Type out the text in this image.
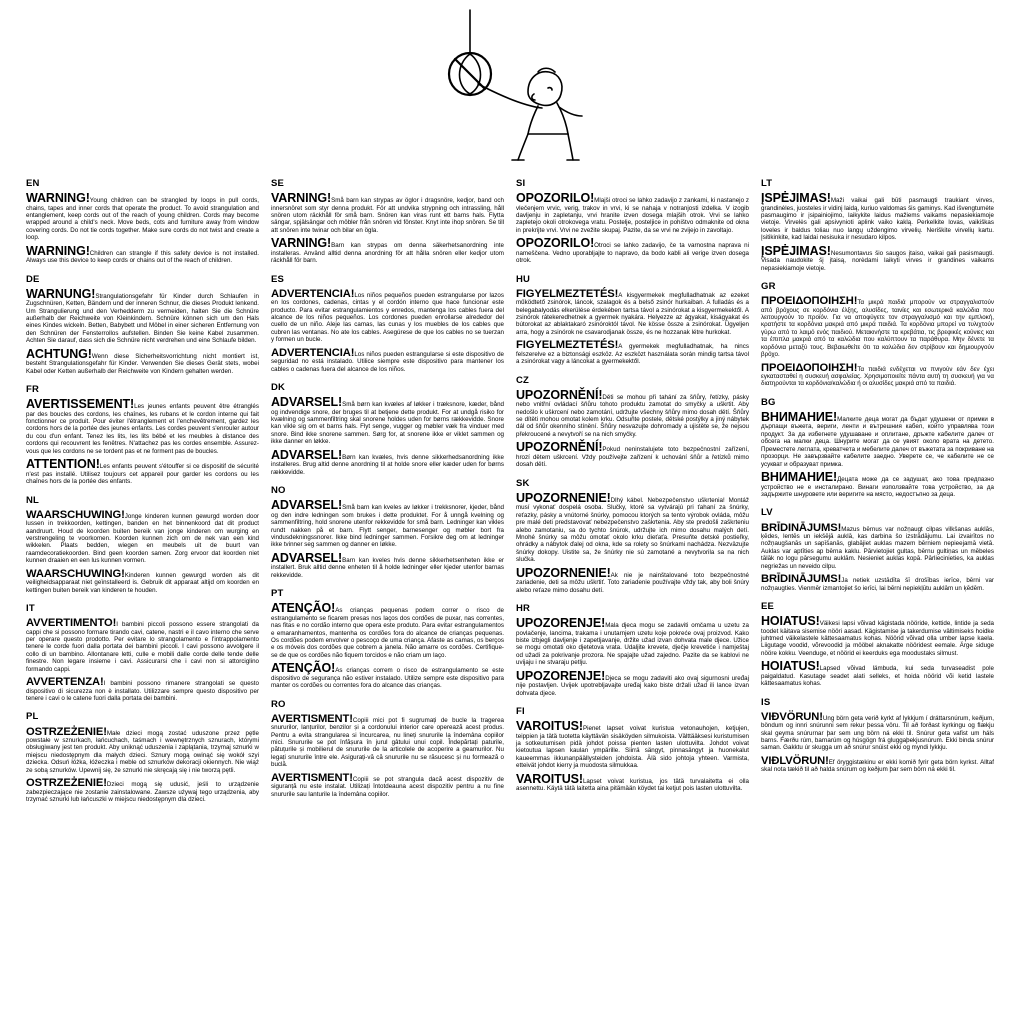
EN

WARNING!Young children can be strangled by loops in pull cords, chains, tapes and inner cords that operate the product. To avoid strangulation and entanglement, keep cords out of the reach of young children. Cords may become wrapped around a child's neck. Move beds, cots and furniture away from window covering cords. Do not tie cords together. Make sure cords do not twist and create a loop.

WARNING!Children can strangle if this safety device is not installed. Always use this device to keep cords or chains out of the reach of children.

DE

WARNUNG!Strangulationsgefahr für Kinder durch Schlaufen in Zugschnüren, Ketten, Bändern und der inneren Schnur, die dieses Produkt lenkend. Um Strangulierung und den Verhedderm zu vermeiden, halten Sie die Schnüre außerhalb der Reichweite von Kleinkindern. Schnüre können sich um den Hals eines Kindes wickeln. Betten, Babybett und Möbel in einer sicheren Entfernung von den Schnüren der Fensterrollos aufstellen. Binden Sie keine Kabel zusammen. Achten Sie darauf, dass sich die Schnüre nicht verdrehen und eine Schlaufe bilden.

ACHTUNG!Wenn diese Sicherheitsvorrichtung nicht montiert ist, besteht Strangulationsgefahr für Kinder. Verwenden Sie dieses Gerät stets, wobei Kabel oder Ketten außerhalb der Reichweite von Kindern gehalten werden.

FR

AVERTISSEMENT!Les jeunes enfants peuvent être étranglés par des boucles des cordons, les chaînes, les rubans et le cordon interne qui fait fonctionner ce produit. Pour éviter l'étranglement et l'enchevêtrement, gardez les cordons hors de la portée des jeunes enfants. Les cordes peuvent s'enrouler autour du cou d'un enfant. Tenez les lits, les lits bébé et les meubles à distance des cordons qui recouvrent les fenêtres. N'attachez pas les cordes ensemble. Assurez-vous que les cordons ne se tordent pas et ne forment pas de boucles.

ATTENTION!Les enfants peuvent s'étouffer si ce dispositif de sécurité n'est pas installé. Utilisez toujours cet appareil pour garder les cordons ou les chaînes hors de la portée des enfants.

NL

WAARSCHUWING!Jonge kinderen kunnen gewurgd worden door lussen in trekkoorden, kettingen, banden en het binnenkoord dat dit product aandruurt. Houd de koorden buiten bereik van jonge kinderen om wurging en verstrengeling te voorkomen. Koorden kunnen zich om de nek van een kind wikkelen. Plaats bedden, wiegen en meubels uit de buurt van raamdecoratiekoorden. Bind geen koorden samen. Zorg ervoor dat koorden niet kunnen draaien en een lus kunnen vormen.

WAARSCHUWING!Kinderen kunnen gewurgd worden als dit veiligheidsapparaat niet geïnstalleerd is. Gebruik dit apparaat altijd om koorden en kettingen buiten bereik van kinderen te houden.

IT

AVVERTIMENTO!I bambini piccoli possono essere strangolati da cappi che si possono formare tirando cavi, catene, nastri e il cavo interno che serve per operare questo prodotto. Per evitare lo strangolamento e l'intrappolamento tenere le corde fuori dalla portata dei bambini piccoli. I cavi possono avvolgere il collo di un bambino. Allontanare letti, culle e mobili dalle corde delle tende delle finestre. Non legare insieme i cavi. Assicurarsi che i cavi non si attorciglino formando cappi.

AVVERTENZA!I bambini possono rimanere strangolati se questo dispositivo di sicurezza non è installato. Utilizzare sempre questo dispositivo per tenere i cavi o le catene fuori dalla portata dei bambini.

PL

OSTRZEŻENIE!Małe dzieci mogą zostać uduszone przez pętle powstałe w sznurkach, łańcuchach, taśmach i wewnętrznych sznurach, którymi obsługiwany jest ten produkt. Aby uniknąć uduszenia i zaplątania, trzymaj sznurki w miejscu niedostępnym dla małych dzieci. Sznury mogą owinąć się wokół szyi dziecka. Odsuń łóżka, łóżeczka i meble od sznurków dekoracji okiennych. Nie wiąż ze sobą sznurków. Upewnij się, że sznurki nie skręcają się i nie tworzą pętli.

OSTRZEŻENIE!Dzieci mogą się udusić, jeśli to urządzenie zabezpieczające nie zostanie zainstalowane. Zawsze używaj tego urządzenia, aby trzymać sznurki lub łańcuszki w miejscu niedostępnym dla dzieci.

SE

VARNING!Små barn kan strypas av öglor i dragsnöre, kedjor, band och innersnöret som styr denna produkt. För att undvika strypning och intrassling, håll snören utom räckhåll för små barn. Snören kan viras runt ett barns hals. Flytta sängar, spjälsängar och möbler från snören vid fönster. Knyt inte ihop snören. Se till att snören inte twinar och bilar en ögla.

VARNING!Barn kan strypas om denna säkerhetsanordning inte installeras. Använd alltid denna anordning för att hålla snören eller kedjor utom räckhåll för barn.

ES

ADVERTENCIA!Los niños pequeños pueden estrangularse por lazos en los cordones, cadenas, cintas y el cordón interno que hace funcionar este producto. Para evitar estrangulamientos y enredos, mantenga los cables fuera del alcance de los niños pequeños. Los cordones pueden enrollarse alrededor del cuello de un niño. Aleje las camas, las cunas y los muebles de los cables que cubren las ventanas. No ate los cables. Asegúrese de que los cables no se tuerzan y formen un bucle.

ADVERTENCIA!Los niños pueden estrangularse si este dispositivo de seguridad no está instalado. Utilice siempre este dispositivo para mantener los cables o cadenas fuera del alcance de los niños.

DK

ADVARSEL!Små børn kan kvæles af løkker i træksnore, kæder, bånd og indvendige snore, der bruges til at betjene dette produkt. For at undgå risiko for kvælning og sammenfiltring skal snorene holdes uden for børns rækkevidde. Snore kan vikle sig om et barns hals. Flyt senge, vugger og møbler væk fra vinduer med snore. Bind ikke snorene sammen. Sørg for, at snorene ikke er viklet sammen og ikke danner en løkke.

ADVARSEL!Børn kan kvæles, hvis denne sikkerhedsanordning ikke installeres. Brug altid denne anordning til at holde snore eller kæder uden for børns rækkevidde.

NO

ADVARSEL!Små barn kan kveles av løkker i trekksnorer, kjeder, bånd og den indre ledningen som brukes i dette produktet. For å unngå kvelning og sammenfiltring, hold snorene utenfor rekkevidde for små barn. Ledninger kan vikles rundt nakken på et barn. Flytt senger, barnesenger og møbler bort fra vindusdekningssnorer. Ikke bind ledninger sammen. Forsikre deg om at ledninger ikke tvinner seg sammen og danner en løkke.

ADVARSEL!Barn kan kveles hvis denne sikkerhetsenheten ikke er installert. Bruk alltid denne enheten til å holde ledninger eller kjeder utenfor barnas rekkevidde.

PT

ATENÇÃO!As crianças pequenas podem correr o risco de estrangulamento se ficarem presas nos laços dos cordões de puxar, nas correntes, nas fitas e no cordão interno que opera este produto. Para evitar estrangulamentos e emaranhamentos, mantenha os cordões fora do alcance de crianças pequenas. Os cordões podem envolver o pescoço de uma criança. Afaste as camas, os berços e os móveis dos cordões que cobrem a janela. Não amarre os cordões. Certifique-se de que os cordões não fiquem torcidos e não criam um laço.

ATENÇÃO!As crianças correm o risco de estrangulamento se este dispositivo de segurança não estiver instalado. Utilize sempre este dispositivo para manter os cordões ou correntes fora do alcance das crianças.

RO

AVERTISMENT!Copiii mici pot fi sugrumați de bucle la tragerea snururilor, lanțurilor, benzilor și a cordonului interior care operează acest produs. Pentru a evita strangularea si încurcarea, nu lineți snururile la îndemâna copiilor mici. Snururile se pot înfășura în jurul gâtului unui copil. Îndepărtați paturile, pătuțurile și mobilierul de snururile de la articolele de acoperire a geamurilor. Nu legați snururile între ele. Asigurați-vă că snururile nu se răsucesc și nu formează o buclă.

AVERTISMENT!Copiii se pot strangula dacă acest dispozitiv de siguranță nu este instalat. Utilizați întotdeauna acest dispozitiv pentru a nu fine snururile sau lanturile la îndemâna copiilor.

SI

OPOZORILO!Mlajši otroci se lahko zadavijo z zankami, ki nastanejo z vlečenjem vrvic, verig, trakov in vrvi, ki se nahaja v notranjosti izdelka. V izogib davljenju in zapletanju, vrvi hranite izven dosega mlajših otrok. Vrvi se lahko zapletejo okoli otrokovega vratu. Postelje, posteljice in pohištvo odmaknite od okna in prekrijte vrvi. Vrvi ne zvežite skupaj. Pazite, da se vrvi ne zvijejo in zavoltajo.

OPOZORILO!Otroci se lahko zadavijo, če ta varnostna naprava ni nameščena. Vedno uporabljajte to napravo, da bodo kabli ali verige izven dosega otrok.

HU

FIGYELMEZTETÉS!A kisgyermekek megfulladhatnak az ezeket működtető zsinórok, láncok, szalagok és a belső zsinór hurkaiban. A fulladás és a belegabalyodás elkerülése érdekében tartsa távol a zsinórokat a kisgyermekektől. A zsinórok rátekeredhetnek a gyermek nyakára. Helyezze az ágyakat, kiságyakat és bútorokat az ablaktakaró zsinóroktól távol. Ne kösse össze a zsinórokat. Ügyeljen arra, hogy a zsinórok ne csavarodjanak össze, és ne hozzanak létre hurkokat.

FIGYELMEZTETÉS!A gyermekek megfulladhatnak, ha nincs felszerelve ez a biztonsági eszköz. Az eszközt használata során mindig tartsa távol a zsinórokat vagy a láncokat a gyermekektől.

CZ

UPOZORNĚNÍ!Děti se mohou při tahání za šňůry, řetízky, pásky nebo vnitřní ovládací šňůru tohoto produktu zamotat do smyčky a uškrtit. Aby nedošlo k uškrcení nebo zamotání, udržujte všechny šňůry mimo dosah dětí. Šňůry se dítěti mohou omotat kolem krku. Odsuňte postele, dětské postýlky a jiný nábytek dál od šňůr okenního stínění. Šňůry nesvazujte dohromady a ujistěte se, že nejsou překroucené a nevytvoří se na nich smyčky.

UPOZORNĚNÍ!Pokud neninstalujete toto bezpečnostní zařízení, hrozí dětem uškrcení. Vždy používejte zařízení k uchování šňůr a řetízků mimo dosah dětí.

SK

UPOZORNENIE!Dlhý kábel. Nebezpečenstvo uškrtenia! Montáž musí vykonať dospelá osoba. Slučky, ktoré sa vytvárajú pri ťahaní za šnúrky, reťazky, pásky a vnútorné šnúrky, pomocou ktorých sa tento výrobok ovláda, môžu pre malé deti predstavovať nebezpečenstvo zaškrtenia. Aby ste predošli zaškrteniu alebo zamotaniu, sa do tychto šnúrok, udržujte ich mimo dosahu malých detí. Mnohé šnúrky sa môžu omotať okolo krku dieťaťa. Presuňte detské postieľky, ohrádky a nábytok ďalej od okna, kde sa rolety so šnúrkami nachádza. Nezväzujte šnúrky dokopy. Uistite sa, že šnúrky nie sú zamotané a nevytvorila sa na nich slučka.

UPOZORNENIE!Ak nie je nainštalované toto bezpečnostné zariadenie, deti sa môžu uškrtiť. Toto zariadenie používajte vždy tak, aby boli šnúry alebo reťaze mimo dosahu detí.

HR

UPOZORENJE!Mala djeca mogu se zadaviti omčama u uzetu za povlačenje, lancima, trakama i unutarnjem uzetu koje pokreće ovaj proizvod. Kako biste izbjegli davljenje i zapetljavanje, držite užad izvan dohvata male djece. Užice se mogu omotati oko djetetova vrata. Udaljite krevete, dječje krevetiće i namještaj od užadi za pokrivanje prozora. Ne spajajte užad zajedno. Pazite da se kablovi ne uvijaju i ne stvaraju petlju.

UPOZORENJE!Djeca se mogu zadaviti ako ovaj sigurnosni uređaj nije postavljen. Uvijek upotrebljavajte uređaj kako biste držali užad ili lance izvan dohvata djece.

FI

VAROITUS!Pienet lapset voivat kuristua vetonauhojen, ketjujen, teippien ja tätä tuotetta käyttävän sisäköyden silmukoista. Välttääksesi kuristumisen ja sotkeutumisen pidä johdot poissa pienten lasten ulottuvilta. Johdot voivat kietoutua lapsen kaulan ympärille. Siirrä sängyt, pinnasängyt ja huonekalut kaueemmas ikkunanpäällysteiden johdoista. Älä sido johtoja yhteen. Varmista, etteivät johdot kierry ja muodosta silmukkaa.

VAROITUS!Lapset voivat kuristua, jos tätä turvalaitetta ei olla asennettu. Käytä tätä laitetta aina pitämään köydet tai ketjut pois lasten ulottuvilta.

LT

ĮSPĖJIMAS!Maži vaikai gali būti pasmaugti traukiant virves, grandinėles, juosteles ir vidinį laidą, kuriuo valdomas šis gaminys. Kad išvengtumėte pasmaugimo ir įsipainiojimo, laikykite laidus mažiems vaikams nepasiekiamoje vietoje. Virvelės gali apsivynioti aplink vaiko kaklą. Perkelkite lovas, vaikiškas loveles ir baldus toliau nuo langų uždengimo virvelių. Neriškite virvelių kartu. Įsitikinkite, kad laidai nesisuka ir nesudaro kilpos.

ĮSPĖJIMAS!Nesumontavus šio saugos įtaiso, vaikai gali pasismaugti. Visada naudokite šį įtaisą, norėdami laikyti virves ir grandines vaikams nepasiekiamoje vietoje.

GR

ΠΡΟΕΙΔΟΠΟΙΗΣΗ!Τα μικρά παιδιά μπορούν να στραγγαλιστούν από βρόχους σε κορδόνια έλξης, αλυσίδες, ταινίες και εσωτερικά καλώδια που λειτουργούν το προϊόν. Για να αποφύγετε τον στραγγαλισμό και την εμπλοκή, κρατήστε τα κορδόνια μακριά από μικρά παιδιά. Τα κορδόνια μπορεί να τυλιχτούν γύρω από το λαιμό ενός παιδιού. Μετακινήστε τα κρεβάτια, τις βρεφικές κούνιες και τα έπιπλα μακριά από τα καλώδια που καλύπτουν τα παράθυρα. Μην δένετε τα κορδόνια μεταξύ τους. Βεβαιωθείτε ότι τα καλώδια δεν στρίβουν και δημιουργούν βρόχο.

ΠΡΟΕΙΔΟΠΟΙΗΣΗ!Τα παιδιά ενδέχεται να πνιγούν εάν δεν έχει εγκατασταθεί η συσκευή ασφαλείας. Χρησιμοποιείτε πάντα αυτή τη συσκευή για να διατηρούνται τα κορδόνια/καλώδια ή οι αλυσίδες μακριά από τα παιδιά.

BG

ВНИМАНИЕ!Малките деца могат да бъдат удушени от примки в дърпащи въжета, вериги, ленти и вътрешния кабел, който управлява този продукт. За да избегнете удушаване и оплитане, дръжте кабелите далеч от обсега на малки деца. Шнурите могат да се увият около врата на детето. Преместете леглата, креватчета и мебелите далеч от въжетата за покриване на прозорци. Не завързвайте кабелите заедно. Уверете се, че кабелите не се усукват и образуват примка.

ВНИМАНИЕ!Децата може да се задушат, ако това предпазно устройство не е инсталирано. Винаги използвайте това устройство, за да задържите шнуровете или веригите на място, недостъпно за деца.

LV

BRĪDINĀJUMS!Mazus bērnus var nožņaugt cilpas vilkšanas auklās, ķēdes, lentēs un iekšējā auklā, kas darbina šo izstrādājumu. Lai izvairītos no nožņaugšanās un sapīšanās, glabājiet auklas mazem bērniem nepieejamā vietā. Auklas var aptīties ap bērna kaklu. Pārvietojiet gultas, bērnu gultiņas un mēbeles tālāk no logu pārsegumu auklām. Nesieniet auklas kopā. Pārliecinieties, ka auklas negriežas un neveido cilpu.

BRĪDINĀJUMS!Ja netiek uzstādīta šī drošības ierīce, bērni var nožņaugties. Vienmēr izmantojiet šo ierīci, lai bērni nepiekļūtu auklām un ķēdēm.

EE

HOIATUS!Väikesi lapsi võivad kägistada nööride, kettide, lintide ja seda toodet käitava sisemise nööri aasad. Kägistamise ja takerdumise vältimiseks hoidke juhtmed väikelastele kättesaamatus kohas. Nöörid võivad olla umber lapse kaela. Liigutage voodid, võrevoodid ja mööbel aknakatte nööridest eemale. Ärge siduge nööre kokku. Veenduge, et nöörid ei keerduks ega moodustaks silmust.

HOIATUS!Lapsed võivad lämbuda, kui seda turvaseadist pole paigaldatud. Kasutage seadet alati selleks, et hoida nöörid või ketid lastele kättesaamatus kohas.

IS

VIÐVÖRUN!Ung börn geta verið kyrkt af lykkjum í dráttarsnúrum, keðjum, böndum og innri snúrunni sem rekur þessa vöru. Til að forðast kyrkingu og flækju skal geyma snúrurnar þar sem ung börn ná ekki til. Snúrur geta vafist um háls barns. Færðu rúm, barnarúm og húsgögn frá gluggaþekjusnúrum. Ekki binda snúrur saman. Gakktu úr skugga um að snúrur snúist ekki og myndi lykkju.

VIÐLVÖRUN!Ef öryggistækinu er ekki komið fyrir geta börn kyrkst. Alltaf skal nota tækið til að halda snúrum og keðjum þar sem börn ná ekki til.
